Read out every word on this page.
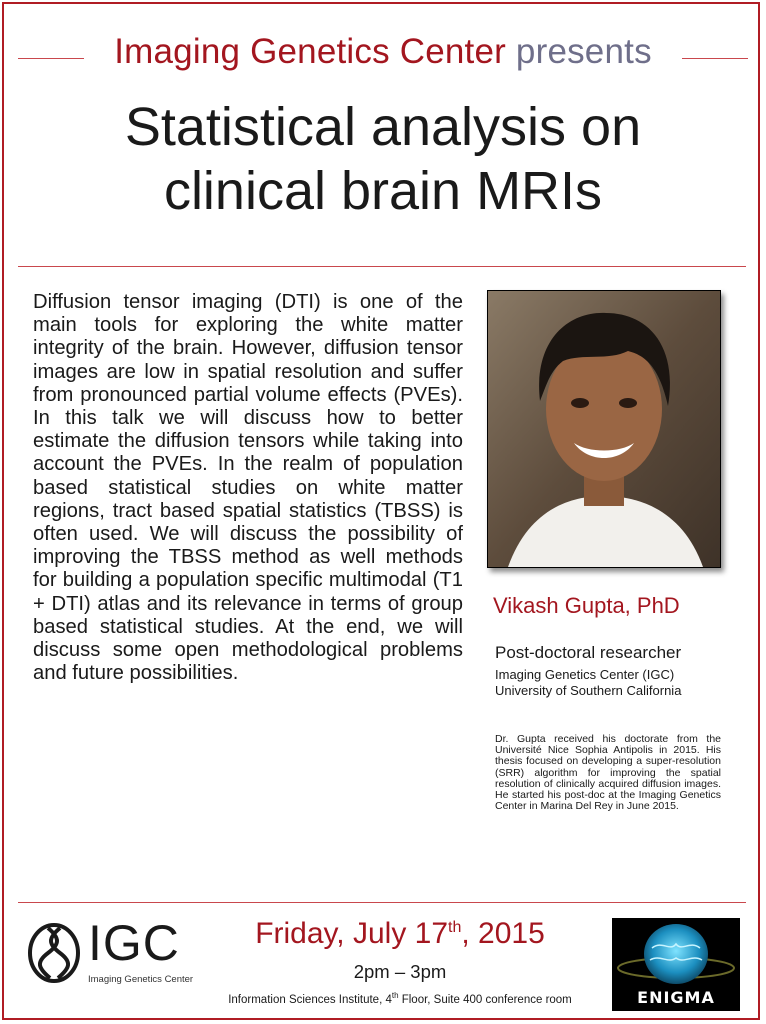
Imaging Genetics Center presents
Statistical analysis on
clinical brain MRIs
Diffusion tensor imaging (DTI) is one of the main tools for exploring the white matter integrity of the brain. However, diffusion tensor images are low in spatial resolution and suffer from pronounced partial volume effects (PVEs). In this talk we will discuss how to better estimate the diffusion tensors while taking into account the PVEs. In the realm of population based statistical studies on white matter regions, tract based spatial statistics (TBSS) is often used. We will discuss the possibility of improving the TBSS method as well methods for building a population specific multimodal (T1 + DTI) atlas and its relevance in terms of group based statistical studies. At the end, we will discuss some open methodological problems and future possibilities.
Vikash Gupta, PhD
Post-doctoral researcher
Imaging Genetics Center (IGC)
University of Southern California
Dr. Gupta received his doctorate from the Université Nice Sophia Antipolis in 2015. His thesis focused on developing a super-resolution (SRR) algorithm for improving the spatial resolution of clinically acquired diffusion images. He started his post-doc at the Imaging Genetics Center in Marina Del Rey in June 2015.
IGC
Imaging Genetics Center
Friday, July 17th, 2015
2pm – 3pm
Information Sciences Institute, 4th Floor, Suite 400 conference room	ENIGMA
